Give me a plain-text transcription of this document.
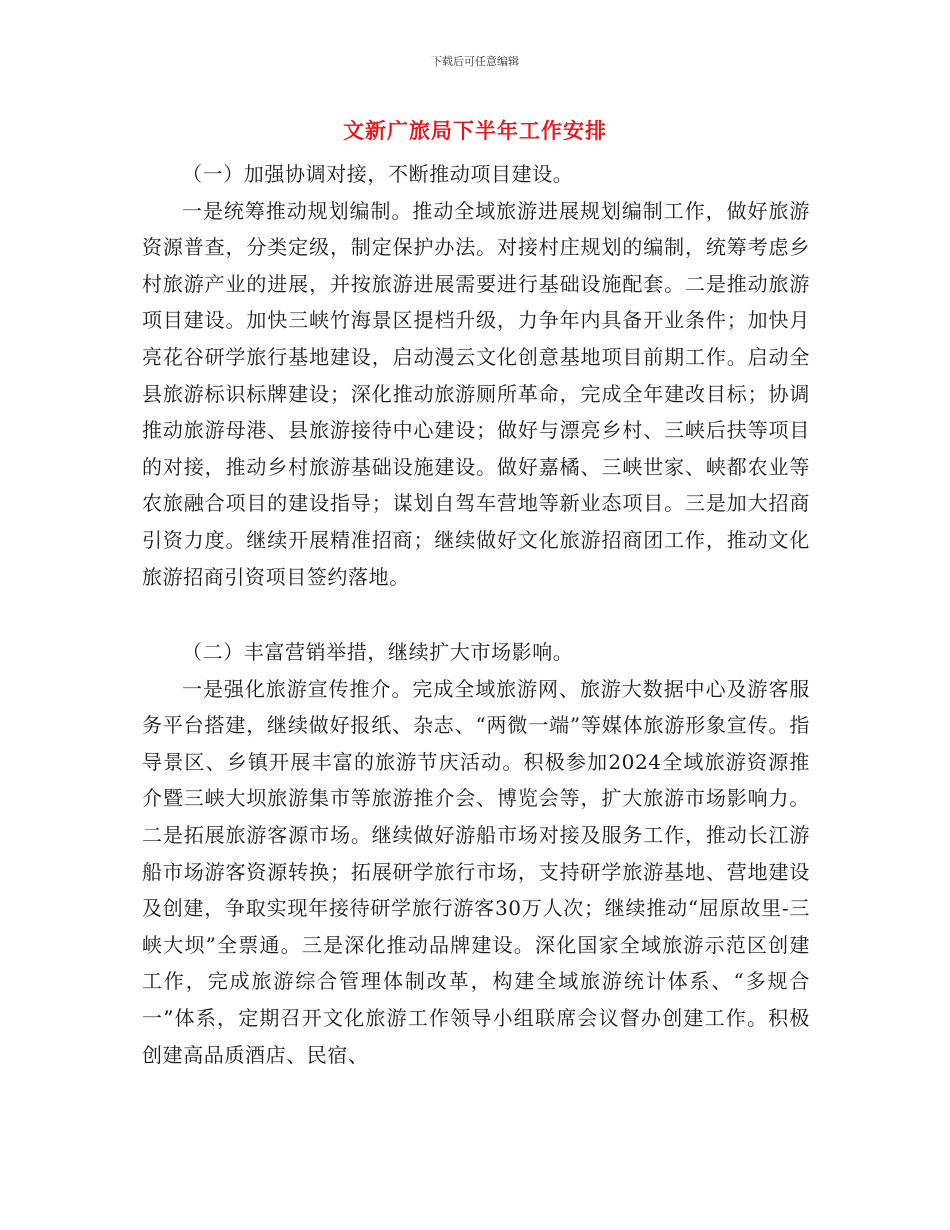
下载后可任意编辑
文新广旅局下半年工作安排

（一）加强协调对接，不断推动项目建设。

一是统筹推动规划编制。推动全域旅游进展规划编制工作，做好旅游资源普查，分类定级，制定保护办法。对接村庄规划的编制，统筹考虑乡村旅游产业的进展，并按旅游进展需要进行基础设施配套。二是推动旅游项目建设。加快三峡竹海景区提档升级，力争年内具备开业条件；加快月亮花谷研学旅行基地建设，启动漫云文化创意基地项目前期工作。启动全县旅游标识标牌建设；深化推动旅游厕所革命，完成全年建改目标；协调推动旅游母港、县旅游接待中心建设；做好与漂亮乡村、三峡后扶等项目的对接，推动乡村旅游基础设施建设。做好嘉橘、三峡世家、峡都农业等农旅融合项目的建设指导；谋划自驾车营地等新业态项目。三是加大招商引资力度。继续开展精准招商；继续做好文化旅游招商团工作，推动文化旅游招商引资项目签约落地。

（二）丰富营销举措，继续扩大市场影响。

一是强化旅游宣传推介。完成全域旅游网、旅游大数据中心及游客服务平台搭建，继续做好报纸、杂志、“两微一端”等媒体旅游形象宣传。指导景区、乡镇开展丰富的旅游节庆活动。积极参加2024全域旅游资源推介暨三峡大坝旅游集市等旅游推介会、博览会等，扩大旅游市场影响力。二是拓展旅游客源市场。继续做好游船市场对接及服务工作，推动长江游船市场游客资源转换；拓展研学旅行市场，支持研学旅游基地、营地建设及创建，争取实现年接待研学旅行游客30万人次；继续推动“屈原故里-三峡大坝”全票通。三是深化推动品牌建设。深化国家全域旅游示范区创建工作，完成旅游综合管理体制改革，构建全域旅游统计体系、“多规合一”体系，定期召开文化旅游工作领导小组联席会议督办创建工作。积极创建高品质酒店、民宿、
